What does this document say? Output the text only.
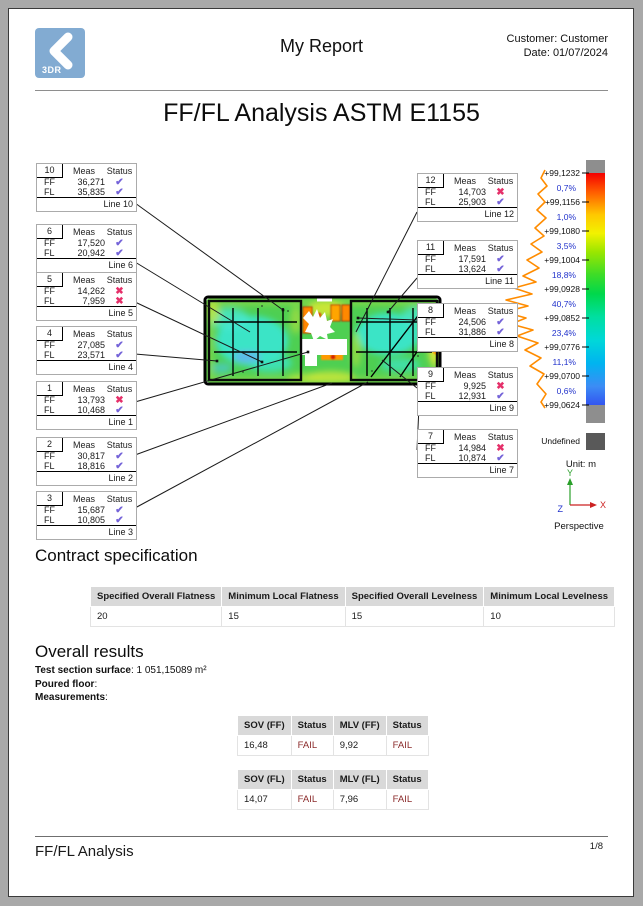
3DR
My Report	Customer: Customer
Date: 01/07/2024
FF/FL Analysis ASTM E1155
+99,1232
0,7%
+99,1156
1,0%
+99,1080
3,5%
+99,1004
18,8%
+99,0928
40,7%
+99,0852
23,4%
+99,0776
11,1%
+99,0700
0,6%
+99,0624
Undefined
Unit: m
Y
X
Z
Perspective
10	Meas	Status
FF	36,271	✔
FL	35,835	✔
Line 10
6	Meas	Status
FF	17,520	✔
FL	20,942	✔
Line 6
5	Meas	Status
FF	14,262	✖
FL	7,959	✖
Line 5
4	Meas	Status
FF	27,085	✔
FL	23,571	✔
Line 4
1	Meas	Status
FF	13,793	✖
FL	10,468	✔
Line 1
2	Meas	Status
FF	30,817	✔
FL	18,816	✔
Line 2
3	Meas	Status
FF	15,687	✔
FL	10,805	✔
Line 3
12	Meas	Status
FF	14,703	✖
FL	25,903	✔
Line 12
11	Meas	Status
FF	17,591	✔
FL	13,624	✔
Line 11
8	Meas	Status
FF	24,506	✔
FL	31,886	✔
Line 8
9	Meas	Status
FF	9,925	✖
FL	12,931	✔
Line 9
7	Meas	Status
FF	14,984	✖
FL	10,874	✔
Line 7
Contract specification
Specified Overall Flatness	Minimum Local Flatness	Specified Overall Levelness	Minimum Local Levelness
20	15	15	10
Overall results
Test section surface: 1 051,15089 m²
Poured floor:
Measurements:
SOV (FF)	Status	MLV (FF)	Status
16,48	FAIL	9,92	FAIL
SOV (FL)	Status	MLV (FL)	Status
14,07	FAIL	7,96	FAIL
FF/FL Analysis	1/8
